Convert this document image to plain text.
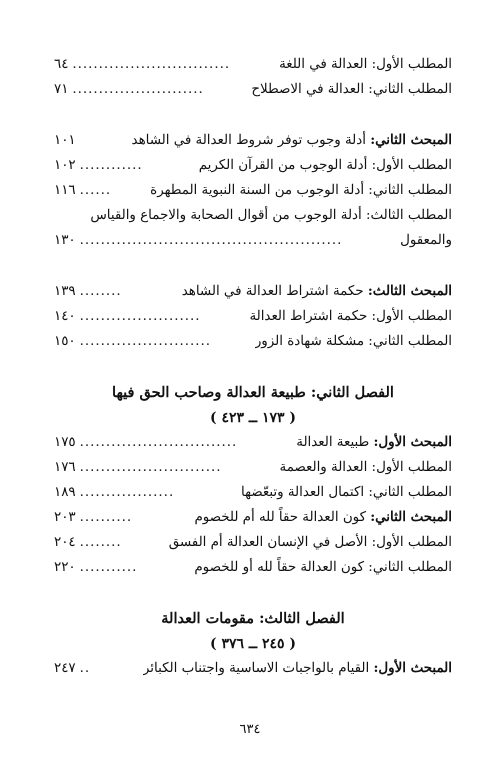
المطلب الأول: العدالة في اللغة
..............................
٦٤
المطلب الثاني: العدالة في الاصطلاح
.........................
٧١
المبحث الثاني: أدلة وجوب توفر شروط العدالة في الشاهد
١٠١
المطلب الأول: أدلة الوجوب من القرآن الكريم
............
١٠٢
المطلب الثاني: أدلة الوجوب من السنة النبوية المطهرة
......
١١٦
المطلب الثالث: أدلة الوجوب من أقوال الصحابة والاجماع والقياس
والمعقول
..................................................
١٣٠
المبحث الثالث: حكمة اشتراط العدالة في الشاهد
........
١٣٩
المطلب الأول: حكمة اشتراط العدالة
.......................
١٤٠
المطلب الثاني: مشكلة شهادة الزور
.........................
١٥٠
الفصل الثاني: طبيعة العدالة وصاحب الحق فيها
( ١٧٣ ــ ٤٢٣ )
المبحث الأول: طبيعة العدالة
..............................
١٧٥
المطلب الأول: العدالة والعصمة
...........................
١٧٦
المطلب الثاني: اكتمال العدالة وتبعّضها
..................
١٨٩
المبحث الثاني: كون العدالة حقاً لله أم للخصوم
..........
٢٠٣
المطلب الأول: الأصل في الإنسان العدالة أم الفسق
........
٢٠٤
المطلب الثاني: كون العدالة حقاً لله أو للخصوم
...........
٢٢٠
الفصل الثالث: مقومات العدالة
( ٢٤٥ ــ ٣٧٦ )
المبحث الأول: القيام بالواجبات الاساسية واجتناب الكبائر
..
٢٤٧
٦٣٤
